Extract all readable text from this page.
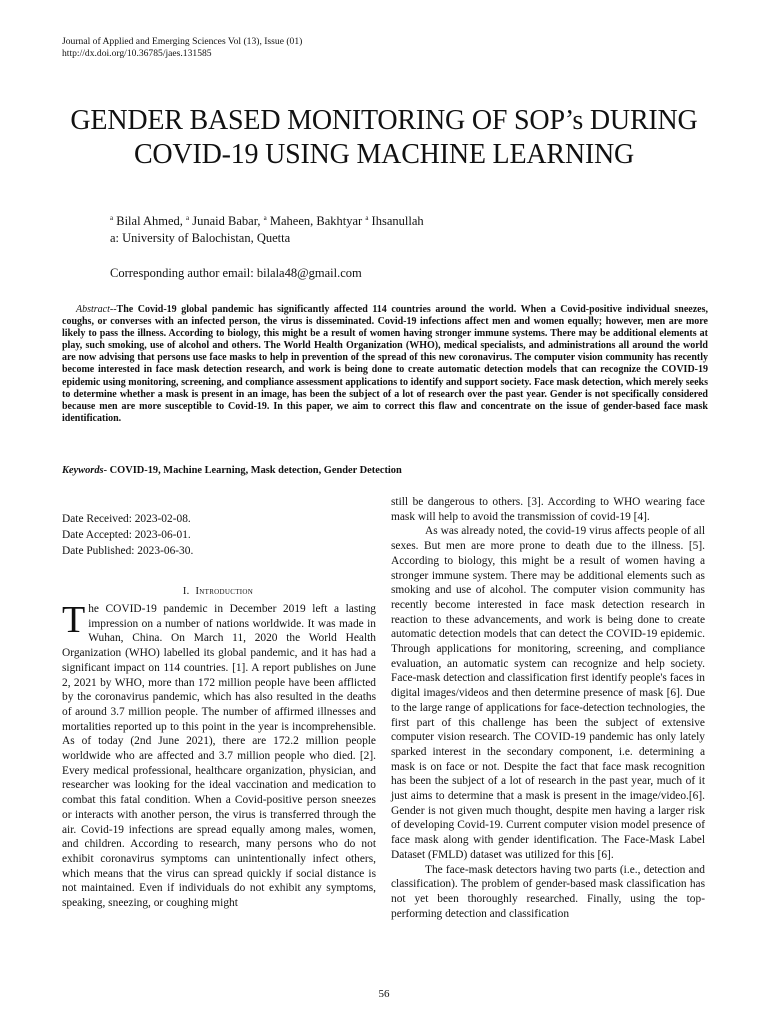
Journal of Applied and Emerging Sciences Vol (13), Issue (01)
http://dx.doi.org/10.36785/jaes.131585
GENDER BASED MONITORING OF SOP’s DURING COVID-19 USING MACHINE LEARNING
$^a$ Bilal Ahmed, $^a$ Junaid Babar, $^a$ Maheen, Bakhtyar $^a$ Ihsanullah
a: University of Balochistan, Quetta
Corresponding author email: bilala48@gmail.com
Abstract--The Covid-19 global pandemic has significantly affected 114 countries around the world. When a Covid-positive individual sneezes, coughs, or converses with an infected person, the virus is disseminated. Covid-19 infections affect men and women equally; however, men are more likely to pass the illness. According to biology, this might be a result of women having stronger immune systems. There may be additional elements at play, such smoking, use of alcohol and others. The World Health Organization (WHO), medical specialists, and administrations all around the world are now advising that persons use face masks to help in prevention of the spread of this new coronavirus. The computer vision community has recently become interested in face mask detection research, and work is being done to create automatic detection models that can recognize the COVID-19 epidemic using monitoring, screening, and compliance assessment applications to identify and support society. Face mask detection, which merely seeks to determine whether a mask is present in an image, has been the subject of a lot of research over the past year. Gender is not specifically considered because men are more susceptible to Covid-19. In this paper, we aim to correct this flaw and concentrate on the issue of gender-based face mask identification.
Keywords- COVID-19, Machine Learning, Mask detection, Gender Detection
Date Received: 2023-02-08.
Date Accepted: 2023-06-01.
Date Published: 2023-06-30.
I. Introduction

The COVID-19 pandemic in December 2019 left a lasting impression on a number of nations worldwide. It was made in Wuhan, China. On March 11, 2020 the World Health Organization (WHO) labelled its global pandemic, and it has had a significant impact on 114 countries. [1]. A report publishes on June 2, 2021 by WHO, more than 172 million people have been afflicted by the coronavirus pandemic, which has also resulted in the deaths of around 3.7 million people. The number of affirmed illnesses and mortalities reported up to this point in the year is incomprehensible. As of today (2nd June 2021), there are 172.2 million people worldwide who are affected and 3.7 million people who died. [2]. Every medical professional, healthcare organization, physician, and researcher was looking for the ideal vaccination and medication to combat this fatal condition. When a Covid-positive person sneezes or interacts with another person, the virus is transferred through the air. Covid-19 infections are spread equally among males, women, and children. According to research, many persons who do not exhibit coronavirus symptoms can unintentionally infect others, which means that the virus can spread quickly if social distance is not maintained. Even if individuals do not exhibit any symptoms, speaking, sneezing, or coughing might

still be dangerous to others. [3]. According to WHO wearing face mask will help to avoid the transmission of covid-19 [4].

As was already noted, the covid-19 virus affects people of all sexes. But men are more prone to death due to the illness. [5]. According to biology, this might be a result of women having a stronger immune system. There may be additional elements such as smoking and use of alcohol. The computer vision community has recently become interested in face mask detection research in reaction to these advancements, and work is being done to create automatic detection models that can detect the COVID-19 epidemic. Through applications for monitoring, screening, and compliance evaluation, an automatic system can recognize and help society. Face-mask detection and classification first identify people's faces in digital images/videos and then determine presence of mask [6]. Due to the large range of applications for face-detection technologies, the first part of this challenge has been the subject of extensive computer vision research. The COVID-19 pandemic has only lately sparked interest in the secondary component, i.e. determining a mask is on face or not. Despite the fact that face mask recognition has been the subject of a lot of research in the past year, much of it just aims to determine that a mask is present in the image/video.[6]. Gender is not given much thought, despite men having a larger risk of developing Covid-19. Current computer vision model presence of face mask along with gender identification. The Face-Mask Label Dataset (FMLD) dataset was utilized for this [6].

The face-mask detectors having two parts (i.e., detection and classification). The problem of gender-based mask classification has not yet been thoroughly researched. Finally, using the top-performing detection and classification

56
